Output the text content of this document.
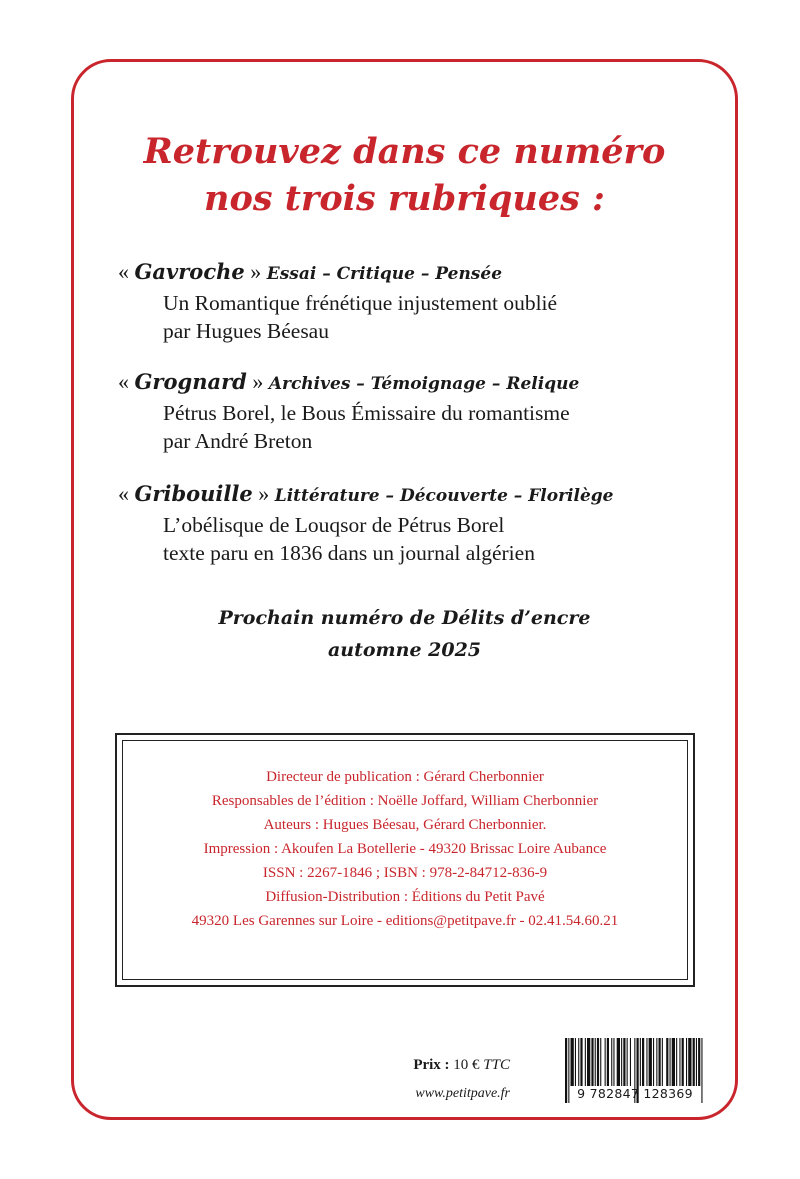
Retrouvez dans ce numéro
nos trois rubriques :
« Gavroche » Essai – Critique – Pensée
Un Romantique frénétique injustement oublié
par Hugues Béesau
« Grognard » Archives – Témoignage – Relique
Pétrus Borel, le Bous Émissaire du romantisme
par André Breton
« Gribouille » Littérature – Découverte – Florilège
L’obélisque de Louqsor de Pétrus Borel
texte paru en 1836 dans un journal algérien
Prochain numéro de Délits d’encre
automne 2025
Directeur de publication : Gérard Cherbonnier
Responsables de l’édition : Noëlle Joffard, William Cherbonnier
Auteurs : Hugues Béesau, Gérard Cherbonnier.
Impression : Akoufen La Botellerie - 49320 Brissac Loire Aubance
ISSN : 2267-1846 ; ISBN : 978-2-84712-836-9
Diffusion-Distribution : Éditions du Petit Pavé
49320 Les Garennes sur Loire - editions@petitpave.fr - 02.41.54.60.21
Prix : 10 € TTC
www.petitpave.fr	9 782847 128369
